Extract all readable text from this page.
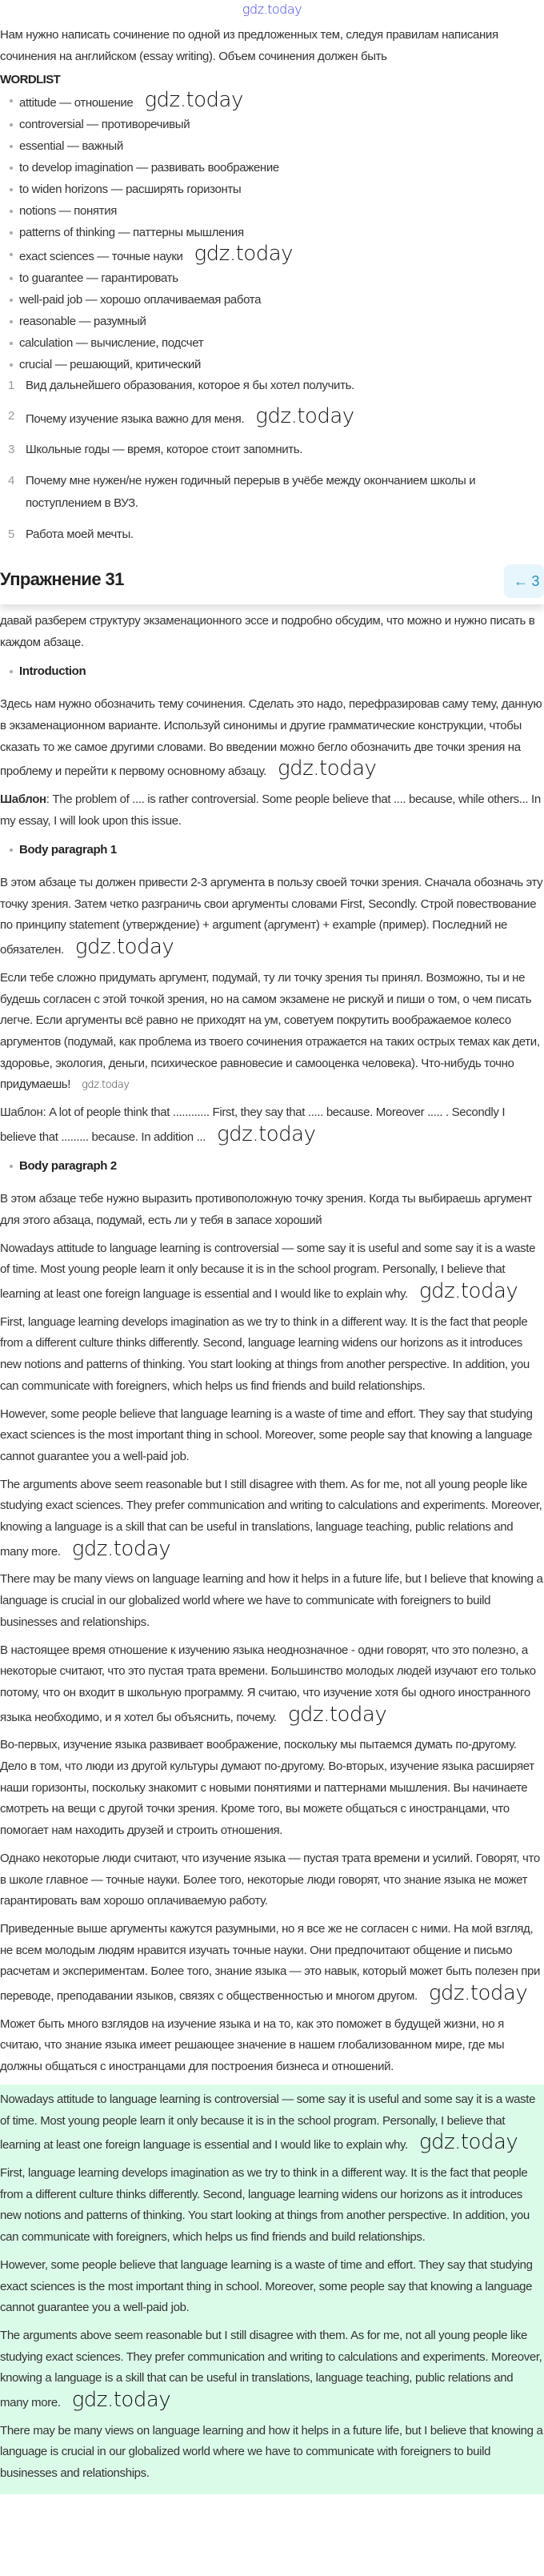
gdz.today

Нам нужно написать сочинение по одной из предложенных тем, следуя правилам написания сочинения на английском (essay writing). Объем сочинения должен быть

WORDLIST
attitude — отношение gdz.today
controversial — противоречивый
essential — важный
to develop imagination — развивать воображение
to widen horizons — расширять горизонты
notions — понятия
patterns of thinking — паттерны мышления
exact sciences — точные науки gdz.today
to guarantee — гарантировать
well-paid job — хорошо оплачиваемая работа
reasonable — разумный
calculation — вычисление, подсчет
crucial — решающий, критический
1 Вид дальнейшего образования, которое я бы хотел получить.
2 Почему изучение языка важно для меня. gdz.today
3 Школьные годы — время, которое стоит запомнить.
4 Почему мне нужен/не нужен годичный перерыв в учёбе между окончанием школы и поступлением в ВУЗ.
5 Работа моей мечты.
Упражнение 31	← 3

давай разберем структуру экзаменационного эссе и подробно обсудим, что можно и нужно писать в каждом абзаце.

Introduction

Здесь нам нужно обозначить тему сочинения. Сделать это надо, перефразировав саму тему, данную в экзаменационном варианте. Используй синонимы и другие грамматические конструкции, чтобы сказать то же самое другими словами. Во введении можно бегло обозначить две точки зрения на проблему и перейти к первому основному абзацу. gdz.today

Шаблон: The problem of .... is rather controversial. Some people believe that .... because, while others... In my essay, I will look upon this issue.

Body paragraph 1

В этом абзаце ты должен привести 2-3 аргумента в пользу своей точки зрения. Сначала обозначь эту точку зрения. Затем четко разграничь свои аргументы словами First, Secondly. Строй повествование по принципу statement (утверждение) + argument (аргумент) + example (пример). Последний не обязателен. gdz.today

Если тебе сложно придумать аргумент, подумай, ту ли точку зрения ты принял. Возможно, ты и не будешь согласен с этой точкой зрения, но на самом экзамене не рискуй и пиши о том, о чем писать легче. Если аргументы всё равно не приходят на ум, советуем покрутить воображаемое колесо аргументов (подумай, как проблема из твоего сочинения отражается на таких острых темах как дети, здоровье, экология, деньги, психическое равновесие и самооценка человека). Что-нибудь точно придумаешь! gdz.today

Шаблон: A lot of people think that ............ First, they say that ..... because. Moreover ..... . Secondly I believe that ......... because. In addition ... gdz.today

Body paragraph 2

В этом абзаце тебе нужно выразить противоположную точку зрения. Когда ты выбираешь аргумент для этого абзаца, подумай, есть ли у тебя в запасе хороший

Nowadays attitude to language learning is controversial — some say it is useful and some say it is a waste of time. Most young people learn it only because it is in the school program. Personally, I believe that learning at least one foreign language is essential and I would like to explain why. gdz.today

First, language learning develops imagination as we try to think in a different way. It is the fact that people from a different culture thinks differently. Second, language learning widens our horizons as it introduces new notions and patterns of thinking. You start looking at things from another perspective. In addition, you can communicate with foreigners, which helps us find friends and build relationships.

However, some people believe that language learning is a waste of time and effort. They say that studying exact sciences is the most important thing in school. Moreover, some people say that knowing a language cannot guarantee you a well-paid job.

The arguments above seem reasonable but I still disagree with them. As for me, not all young people like studying exact sciences. They prefer communication and writing to calculations and experiments. Moreover, knowing a language is a skill that can be useful in translations, language teaching, public relations and many more. gdz.today

There may be many views on language learning and how it helps in a future life, but I believe that knowing a language is crucial in our globalized world where we have to communicate with foreigners to build businesses and relationships.

В настоящее время отношение к изучению языка неоднозначное - одни говорят, что это полезно, а некоторые считают, что это пустая трата времени. Большинство молодых людей изучают его только потому, что он входит в школьную программу. Я считаю, что изучение хотя бы одного иностранного языка необходимо, и я хотел бы объяснить, почему. gdz.today

Во-первых, изучение языка развивает воображение, поскольку мы пытаемся думать по-другому. Дело в том, что люди из другой культуры думают по-другому. Во-вторых, изучение языка расширяет наши горизонты, поскольку знакомит с новыми понятиями и паттернами мышления. Вы начинаете смотреть на вещи с другой точки зрения. Кроме того, вы можете общаться с иностранцами, что помогает нам находить друзей и строить отношения.

Однако некоторые люди считают, что изучение языка — пустая трата времени и усилий. Говорят, что в школе главное — точные науки. Более того, некоторые люди говорят, что знание языка не может гарантировать вам хорошо оплачиваемую работу.

Приведенные выше аргументы кажутся разумными, но я все же не согласен с ними. На мой взгляд, не всем молодым людям нравится изучать точные науки. Они предпочитают общение и письмо расчетам и экспериментам. Более того, знание языка — это навык, который может быть полезен при переводе, преподавании языков, связях с общественностью и многом другом. gdz.today

Может быть много взглядов на изучение языка и на то, как это поможет в будущей жизни, но я считаю, что знание языка имеет решающее значение в нашем глобализованном мире, где мы должны общаться с иностранцами для построения бизнеса и отношений.

Nowadays attitude to language learning is controversial — some say it is useful and some say it is a waste of time. Most young people learn it only because it is in the school program. Personally, I believe that learning at least one foreign language is essential and I would like to explain why. gdz.today

First, language learning develops imagination as we try to think in a different way. It is the fact that people from a different culture thinks differently. Second, language learning widens our horizons as it introduces new notions and patterns of thinking. You start looking at things from another perspective. In addition, you can communicate with foreigners, which helps us find friends and build relationships.

However, some people believe that language learning is a waste of time and effort. They say that studying exact sciences is the most important thing in school. Moreover, some people say that knowing a language cannot guarantee you a well-paid job.

The arguments above seem reasonable but I still disagree with them. As for me, not all young people like studying exact sciences. They prefer communication and writing to calculations and experiments. Moreover, knowing a language is a skill that can be useful in translations, language teaching, public relations and many more. gdz.today

There may be many views on language learning and how it helps in a future life, but I believe that knowing a language is crucial in our globalized world where we have to communicate with foreigners to build businesses and relationships.
